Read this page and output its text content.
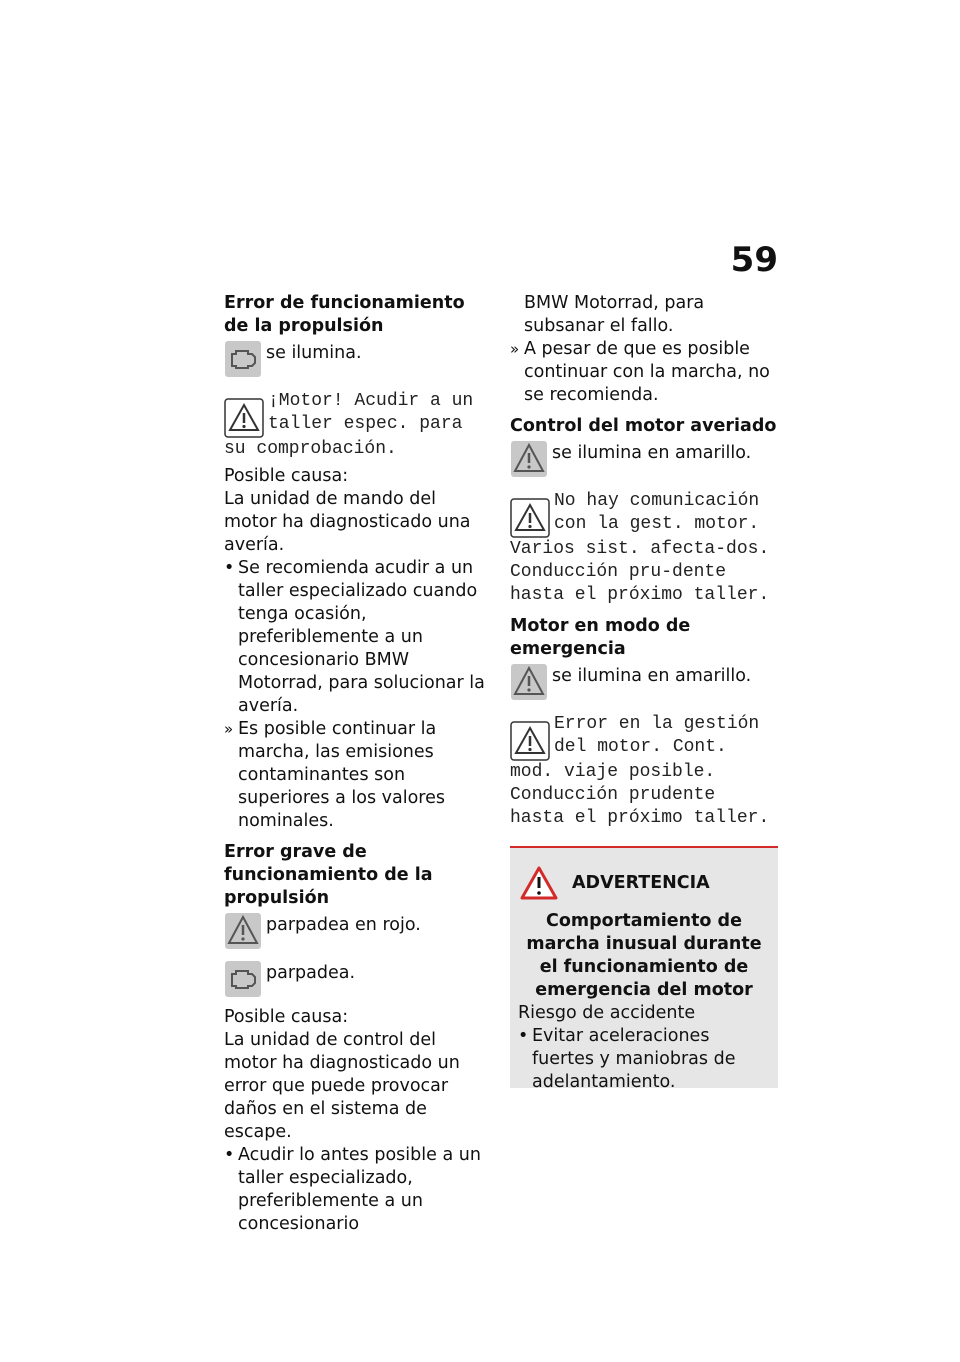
59
Error de funcionamiento de la propulsión
se ilumina.
¡Motor! Acudir a un taller espec. para
su comprobación.
Posible causa:
La unidad de mando del motor ha diagnosticado una avería.
• Se recomienda acudir a un taller especializado cuando tenga ocasión, preferiblemente a un concesionario BMW Motorrad, para solucionar la avería.
» Es posible continuar la marcha, las emisiones contaminantes son superiores a los valores nominales.
Error grave de funcionamiento de la propulsión
parpadea en rojo.
parpadea.
Posible causa:
La unidad de control del motor ha diagnosticado un error que puede provocar daños en el sistema de escape.
• Acudir lo antes posible a un taller especializado, preferiblemente a un concesionario
BMW Motorrad, para subsanar el fallo.
» A pesar de que es posible continuar con la marcha, no se recomienda.
Control del motor averiado
se ilumina en amarillo.
No hay comunicación con la gest. motor.
Varios sist. afecta-dos. Conducción pru-dente hasta el próximo taller.
Motor en modo de emergencia
se ilumina en amarillo.
Error en la gestión del motor. Cont.
mod. viaje posible. Conducción prudente hasta el próximo taller.
ADVERTENCIA
Comportamiento de marcha inusual durante el funcionamiento de emergencia del motor
Riesgo de accidente
• Evitar aceleraciones fuertes y maniobras de adelantamiento.
